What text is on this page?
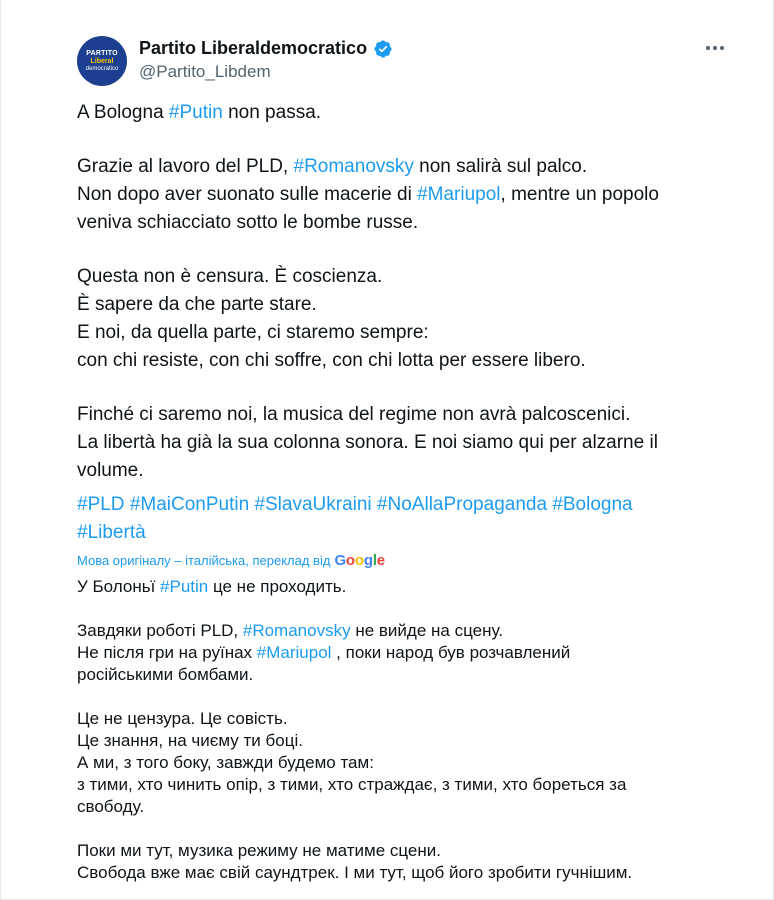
PARTITO
Liberal
democratico
Partito Liberaldemocratico
@Partito_Libdem

A Bologna #Putin non passa.

Grazie al lavoro del PLD, #Romanovsky non salirà sul palco.

Non dopo aver suonato sulle macerie di #Mariupol, mentre un popolo

veniva schiacciato sotto le bombe russe.

Questa non è censura. È coscienza.

È sapere da che parte stare.

E noi, da quella parte, ci staremo sempre:

con chi resiste, con chi soffre, con chi lotta per essere libero.

Finché ci saremo noi, la musica del regime non avrà palcoscenici.

La libertà ha già la sua colonna sonora. E noi siamo qui per alzarne il

volume.

#PLD #MaiConPutin #SlavaUkraini #NoAllaPropaganda #Bologna

#Libertà

Мова оригіналу – італійська, переклад від Google

У Болоньї #Putin це не проходить.

Завдяки роботі PLD, #Romanovsky не вийде на сцену.

Не після гри на руїнах #Mariupol , поки народ був розчавлений

російськими бомбами.

Це не цензура. Це совість.

Це знання, на чиєму ти боці.

А ми, з того боку, завжди будемо там:

з тими, хто чинить опір, з тими, хто страждає, з тими, хто бореться за

свободу.

Поки ми тут, музика режиму не матиме сцени.

Свобода вже має свій саундтрек. І ми тут, щоб його зробити гучнішим.
